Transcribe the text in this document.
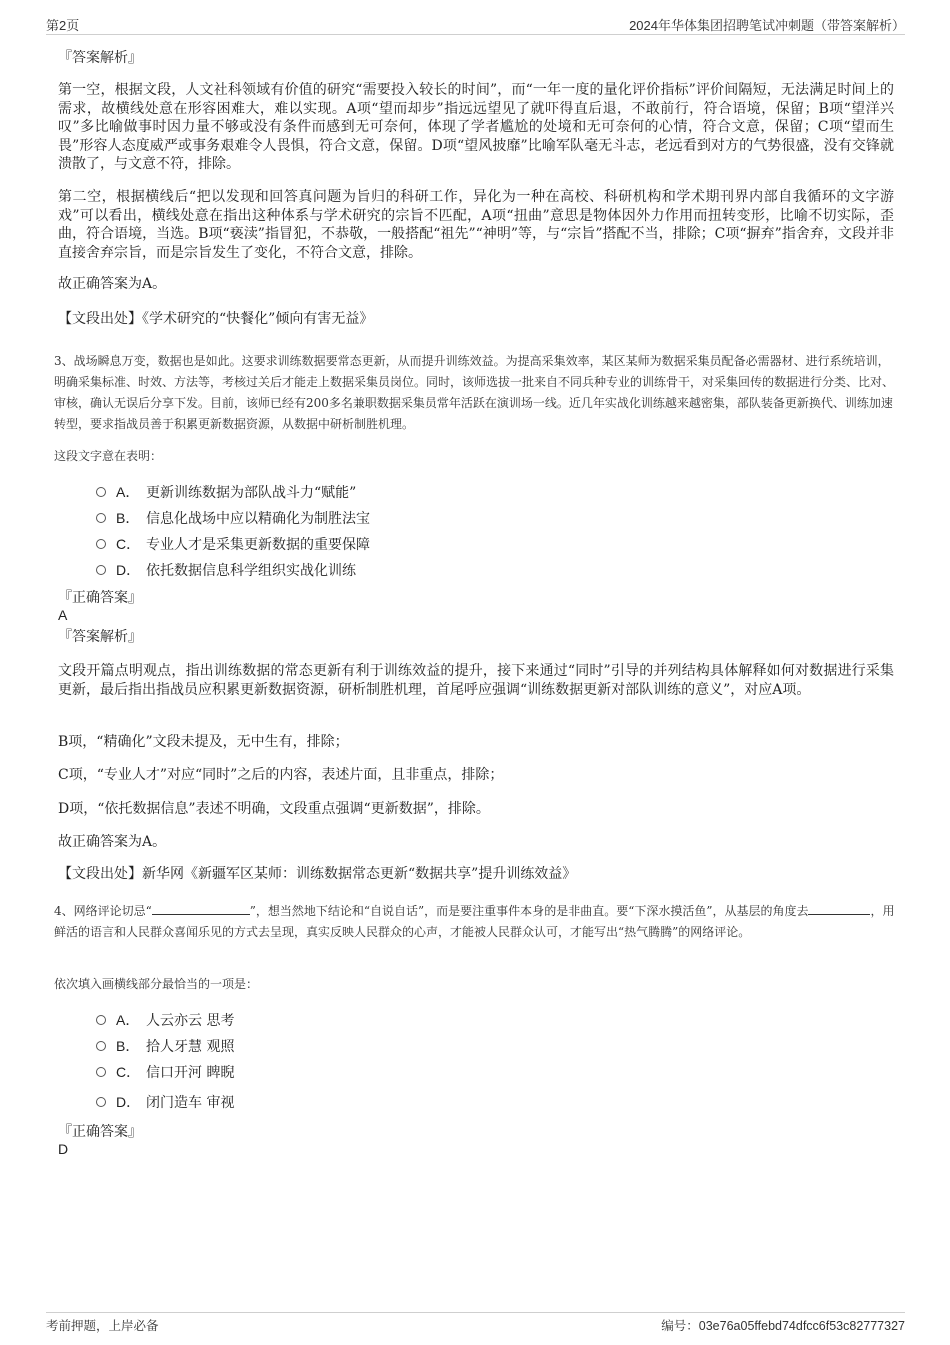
第2页	2024年华体集团招聘笔试冲刺题（带答案解析）
『答案解析』

第一空，根据文段，人文社科领域有价值的研究“需要投入较长的时间”，而“一年一度的量化评价指标”评价间隔短，无法满足时间上的需求，故横线处意在形容困难大，难以实现。A项“望而却步”指远远望见了就吓得直后退，不敢前行，符合语境，保留；B项“望洋兴叹”多比喻做事时因力量不够或没有条件而感到无可奈何，体现了学者尴尬的处境和无可奈何的心情，符合文意，保留；C项“望而生畏”形容人态度威严或事务艰难令人畏惧，符合文意，保留。D项“望风披靡”比喻军队毫无斗志，老远看到对方的气势很盛，没有交锋就溃散了，与文意不符，排除。

第二空，根据横线后“把以发现和回答真问题为旨归的科研工作，异化为一种在高校、科研机构和学术期刊界内部自我循环的文字游戏”可以看出，横线处意在指出这种体系与学术研究的宗旨不匹配，A项“扭曲”意思是物体因外力作用而扭转变形，比喻不切实际，歪曲，符合语境，当选。B项“亵渎”指冒犯，不恭敬，一般搭配“祖先”“神明”等，与“宗旨”搭配不当，排除；C项“摒弃”指舍弃，文段并非直接舍弃宗旨，而是宗旨发生了变化，不符合文意，排除。

故正确答案为A。
【文段出处】《学术研究的“快餐化”倾向有害无益》

3、战场瞬息万变，数据也是如此。这要求训练数据要常态更新，从而提升训练效益。为提高采集效率，某区某师为数据采集员配备必需器材、进行系统培训，明确采集标准、时效、方法等，考核过关后才能走上数据采集员岗位。同时，该师选拔一批来自不同兵种专业的训练骨干，对采集回传的数据进行分类、比对、审核，确认无误后分享下发。目前，该师已经有200多名兼职数据采集员常年活跃在演训场一线。近几年实战化训练越来越密集，部队装备更新换代、训练加速转型，要求指战员善于积累更新数据资源，从数据中研析制胜机理。

这段文字意在表明：
A． 更新训练数据为部队战斗力“赋能”
B． 信息化战场中应以精确化为制胜法宝
C． 专业人才是采集更新数据的重要保障
D． 依托数据信息科学组织实战化训练
『正确答案』
A
『答案解析』

文段开篇点明观点，指出训练数据的常态更新有利于训练效益的提升，接下来通过“同时”引导的并列结构具体解释如何对数据进行采集更新，最后指出指战员应积累更新数据资源，研析制胜机理，首尾呼应强调“训练数据更新对部队训练的意义”，对应A项。

B项，“精确化”文段未提及，无中生有，排除；

C项，“专业人才”对应“同时”之后的内容，表述片面，且非重点，排除；

D项，“依托数据信息”表述不明确，文段重点强调“更新数据”，排除。

故正确答案为A。
【文段出处】新华网《新疆军区某师：训练数据常态更新“数据共享”提升训练效益》

4、网络评论切忌“	”，想当然地下结论和“自说自话”，而是要注重事件本身的是非曲直。要“下深水摸活鱼”，从基层的角度去	，用鲜活的语言和人民群众喜闻乐见的方式去呈现，真实反映人民群众的心声，才能被人民群众认可，才能写出“热气腾腾”的网络评论。

依次填入画横线部分最恰当的一项是：
A． 人云亦云 思考
B． 拾人牙慧 观照
C． 信口开河 睥睨
D． 闭门造车 审视
『正确答案』
D
考前押题，上岸必备	编号：03e76a05ffebd74dfcc6f53c82777327
